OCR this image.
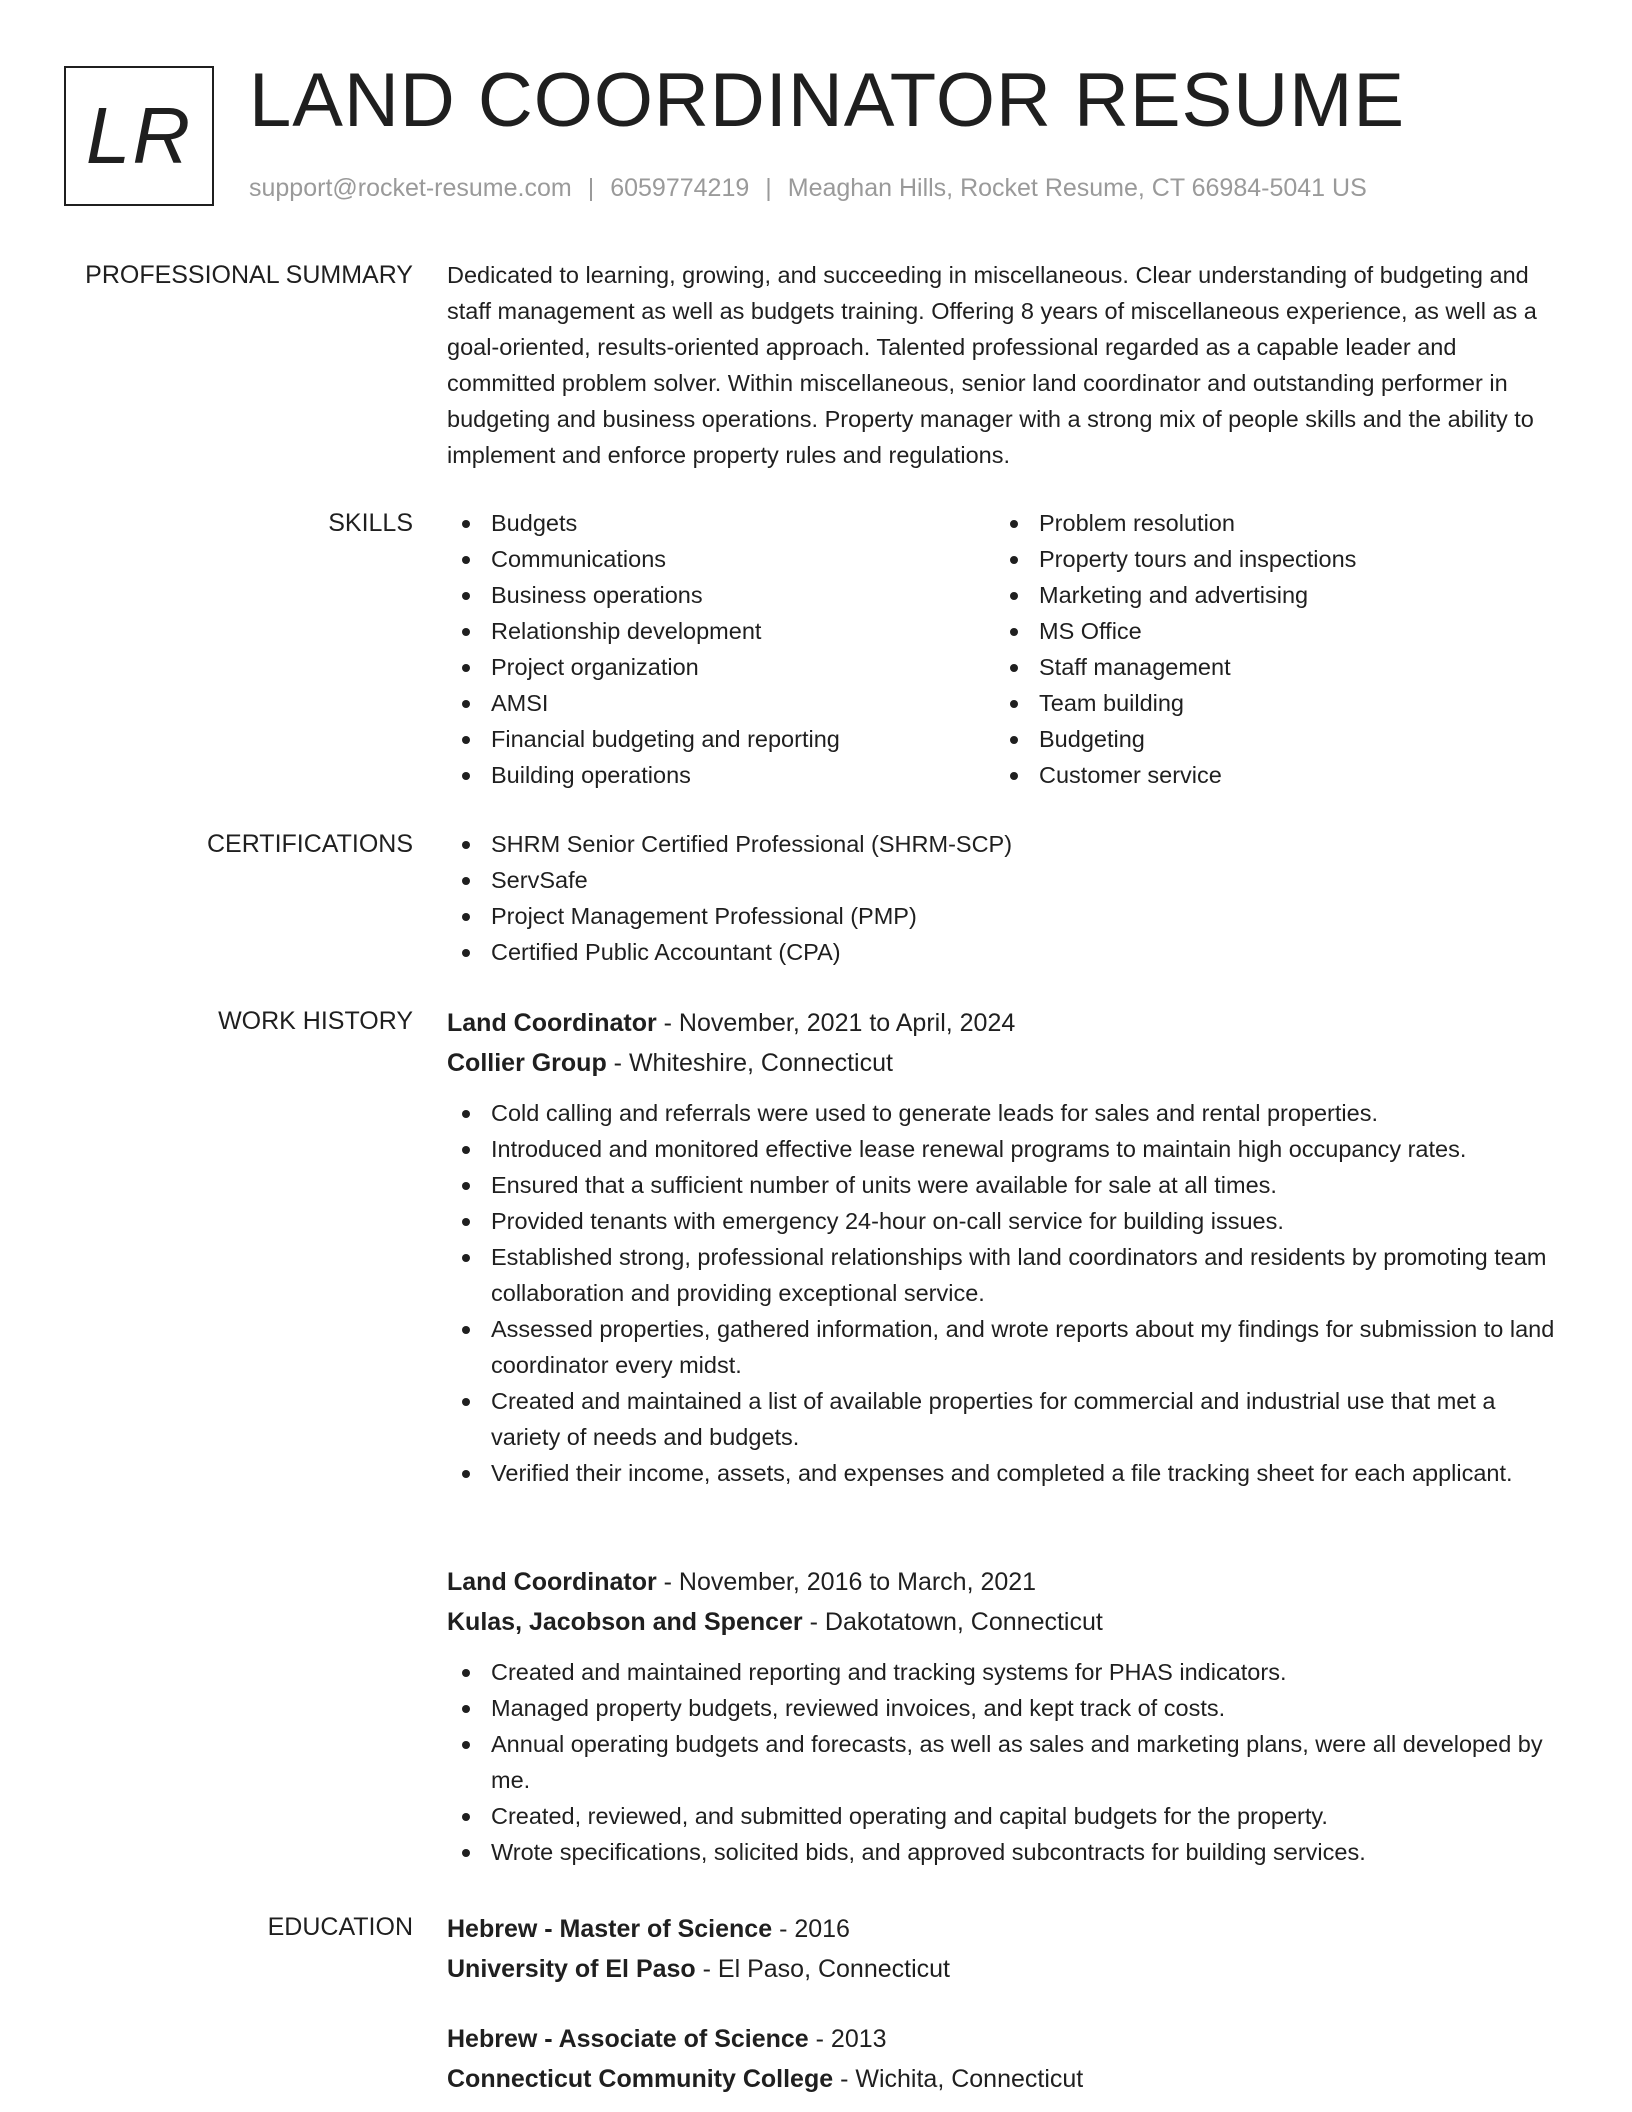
LR LAND COORDINATOR RESUME
support@rocket-resume.com | 6059774219 | Meaghan Hills, Rocket Resume, CT 66984-5041 US
PROFESSIONAL SUMMARY Dedicated to learning, growing, and succeeding in miscellaneous. Clear understanding of budgeting and staff management as well as budgets training. Offering 8 years of miscellaneous experience, as well as a goal-oriented, results-oriented approach. Talented professional regarded as a capable leader and committed problem solver. Within miscellaneous, senior land coordinator and outstanding performer in budgeting and business operations. Property manager with a strong mix of people skills and the ability to implement and enforce property rules and regulations.

SKILLS	Budgets
Communications
Business operations
Relationship development
Project organization
AMSI
Financial budgeting and reporting
Building operations
Problem resolution
Property tours and inspections
Marketing and advertising
MS Office
Staff management
Team building
Budgeting
Customer service
CERTIFICATIONS	SHRM Senior Certified Professional (SHRM-SCP)
ServSafe
Project Management Professional (PMP)
Certified Public Accountant (CPA)
WORK HISTORY Land Coordinator - November, 2021 to April, 2024
Collier Group - Whiteshire, Connecticut
Cold calling and referrals were used to generate leads for sales and rental properties.
Introduced and monitored effective lease renewal programs to maintain high occupancy rates.
Ensured that a sufficient number of units were available for sale at all times.
Provided tenants with emergency 24-hour on-call service for building issues.
Established strong, professional relationships with land coordinators and residents by promoting team collaboration and providing exceptional service.
Assessed properties, gathered information, and wrote reports about my findings for submission to land coordinator every midst.
Created and maintained a list of available properties for commercial and industrial use that met a variety of needs and budgets.
Verified their income, assets, and expenses and completed a file tracking sheet for each applicant.
Land Coordinator - November, 2016 to March, 2021
Kulas, Jacobson and Spencer - Dakotatown, Connecticut
Created and maintained reporting and tracking systems for PHAS indicators.
Managed property budgets, reviewed invoices, and kept track of costs.
Annual operating budgets and forecasts, as well as sales and marketing plans, were all developed by me.
Created, reviewed, and submitted operating and capital budgets for the property.
Wrote specifications, solicited bids, and approved subcontracts for building services.
EDUCATION Hebrew - Master of Science - 2016
University of El Paso - El Paso, Connecticut
Hebrew - Associate of Science - 2013
Connecticut Community College - Wichita, Connecticut
